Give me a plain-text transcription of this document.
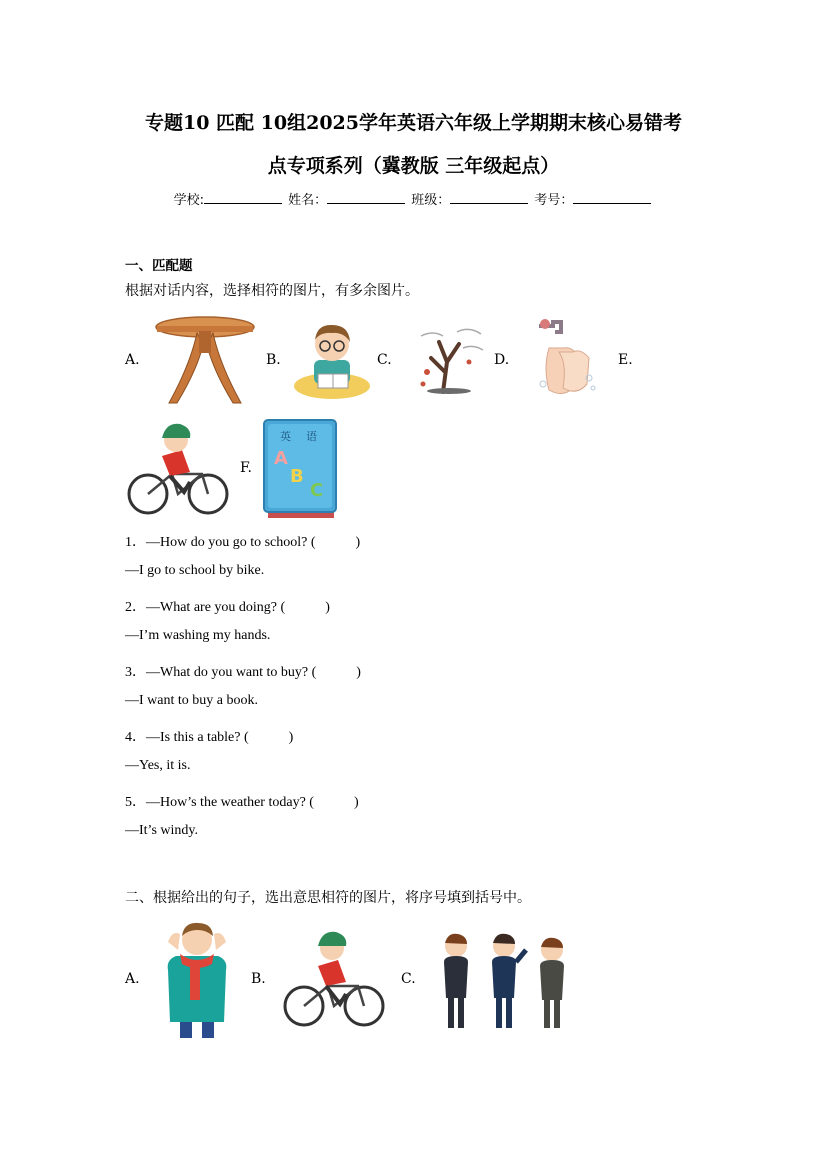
专题10 匹配 10组2025学年英语六年级上学期期末核心易错考
点专项系列（冀教版 三年级起点）
学校:	姓名：	班级：	考号：
一、匹配题
根据对话内容，选择相符的图片，有多余图片。
A.	B.	C.	D.	E.
F.
英 语
A
B
C
1．—How do you go to school? (	)
—I go to school by bike.
2．—What are you doing? (	)
—I’m washing my hands.
3．—What do you want to buy? (	)
—I want to buy a book.
4．—Is this a table? (	)
—Yes, it is.
5．—How’s the weather today? (	)
—It’s windy.
二、根据给出的句子，选出意思相符的图片，将序号填到括号中。
A.	B.	C.
